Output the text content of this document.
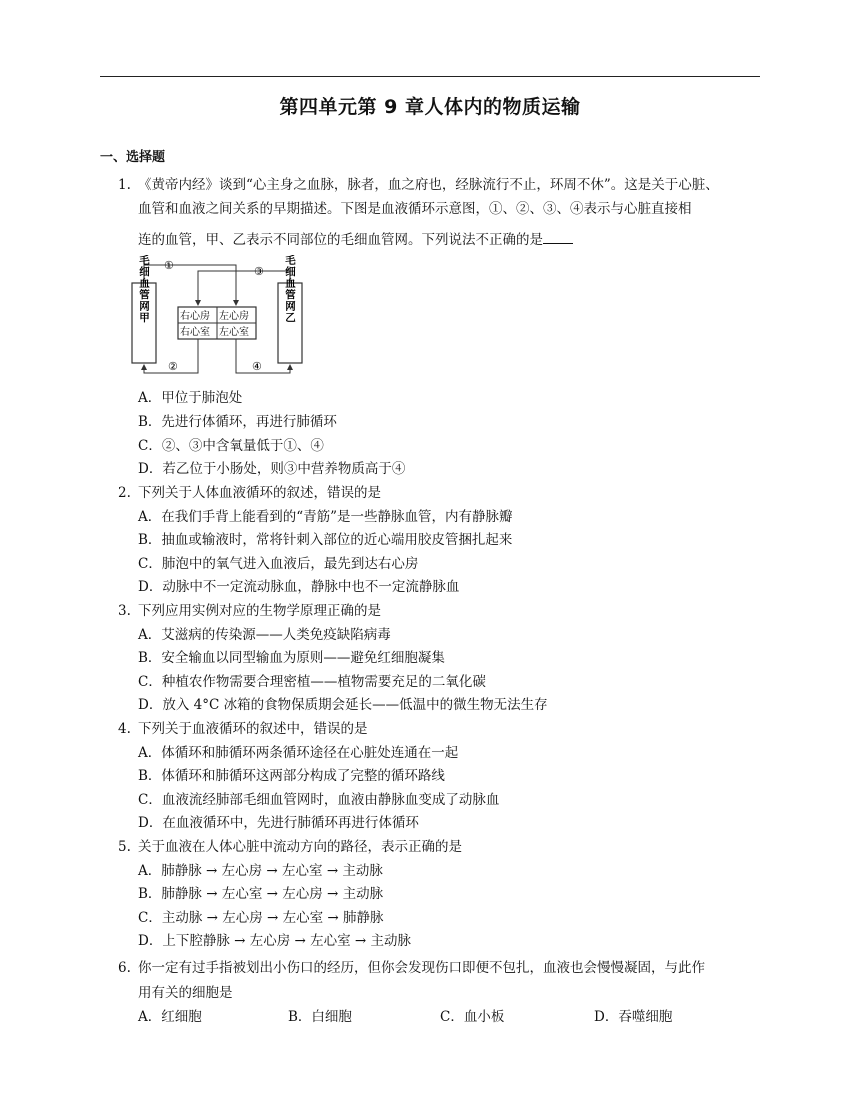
第四单元第 9 章人体内的物质运输
一、选择题
1. 《黄帝内经》谈到“心主身之血脉，脉者，血之府也，经脉流行不止，环周不休”。这是关于心脏、
血管和血液之间关系的早期描述。下图是血液循环示意图，①、②、③、④表示与心脏直接相
连的血管，甲、乙表示不同部位的毛细血管网。下列说法不正确的是
①	③
②	④
右心房 左心房
右心室 左心室
毛细血管网甲	毛细血管网乙
A．甲位于肺泡处
B．先进行体循环，再进行肺循环
C．②、③中含氧量低于①、④
D．若乙位于小肠处，则③中营养物质高于④
2. 下列关于人体血液循环的叙述，错误的是
A．在我们手背上能看到的“青筋”是一些静脉血管，内有静脉瓣
B．抽血或输液时，常将针刺入部位的近心端用胶皮管捆扎起来
C．肺泡中的氧气进入血液后，最先到达右心房
D．动脉中不一定流动脉血，静脉中也不一定流静脉血
3. 下列应用实例对应的生物学原理正确的是
A．艾滋病的传染源——人类免疫缺陷病毒
B．安全输血以同型输血为原则——避免红细胞凝集
C．种植农作物需要合理密植——植物需要充足的二氧化碳
D．放入 4°C 冰箱的食物保质期会延长——低温中的微生物无法生存
4. 下列关于血液循环的叙述中，错误的是
A．体循环和肺循环两条循环途径在心脏处连通在一起
B．体循环和肺循环这两部分构成了完整的循环路线
C．血液流经肺部毛细血管网时，血液由静脉血变成了动脉血
D．在血液循环中，先进行肺循环再进行体循环
5. 关于血液在人体心脏中流动方向的路径，表示正确的是
A．肺静脉 → 左心房 → 左心室 → 主动脉
B．肺静脉 → 左心室 → 左心房 → 主动脉
C．主动脉 → 左心房 → 左心室 → 肺静脉
D．上下腔静脉 → 左心房 → 左心室 → 主动脉
6. 你一定有过手指被划出小伤口的经历，但你会发现伤口即便不包扎，血液也会慢慢凝固，与此作
用有关的细胞是
A．红细胞	B．白细胞	C．血小板	D．吞噬细胞
